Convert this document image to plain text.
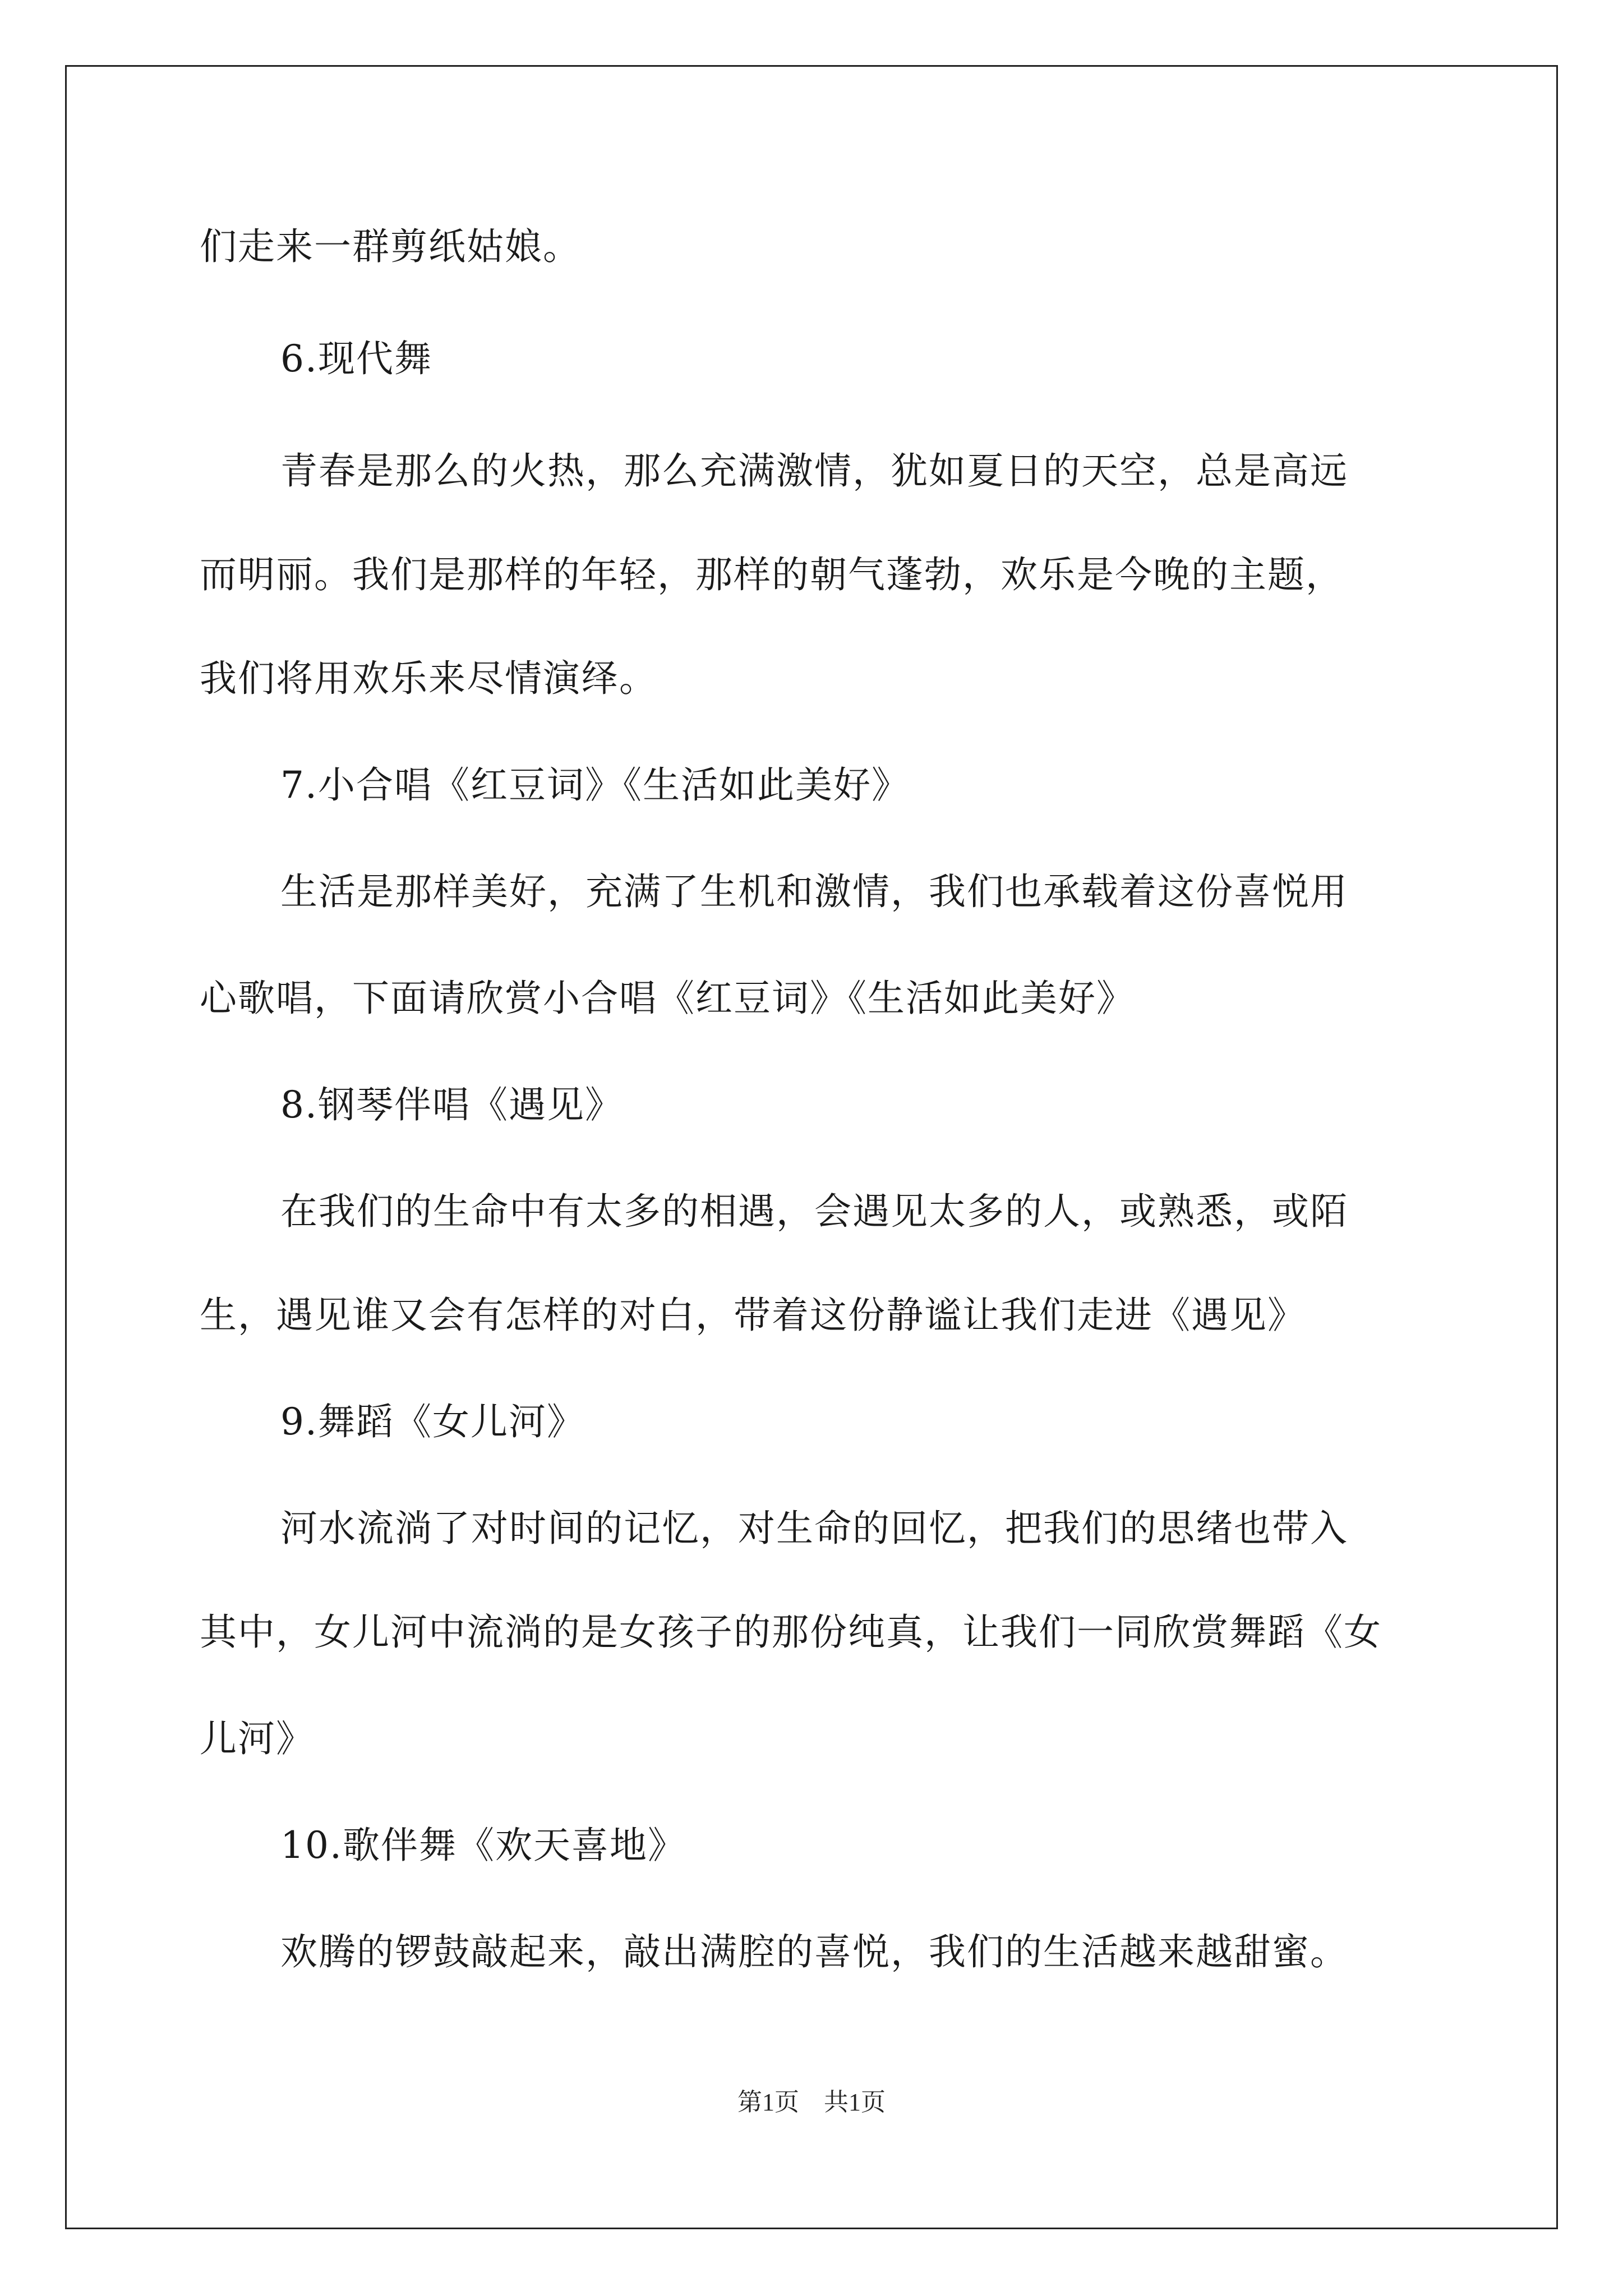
们走来一群剪纸姑娘。
6.现代舞
青春是那么的火热，那么充满激情，犹如夏日的天空，总是高远
而明丽。我们是那样的年轻，那样的朝气蓬勃，欢乐是今晚的主题，
我们将用欢乐来尽情演绎。
7.小合唱《红豆词》《生活如此美好》
生活是那样美好，充满了生机和激情，我们也承载着这份喜悦用
心歌唱，下面请欣赏小合唱《红豆词》《生活如此美好》
8.钢琴伴唱《遇见》
在我们的生命中有太多的相遇，会遇见太多的人，或熟悉，或陌
生，遇见谁又会有怎样的对白，带着这份静谧让我们走进《遇见》
9.舞蹈《女儿河》
河水流淌了对时间的记忆，对生命的回忆，把我们的思绪也带入
其中，女儿河中流淌的是女孩子的那份纯真，让我们一同欣赏舞蹈《女
儿河》
10.歌伴舞《欢天喜地》
欢腾的锣鼓敲起来，敲出满腔的喜悦，我们的生活越来越甜蜜。
第1页　共1页
